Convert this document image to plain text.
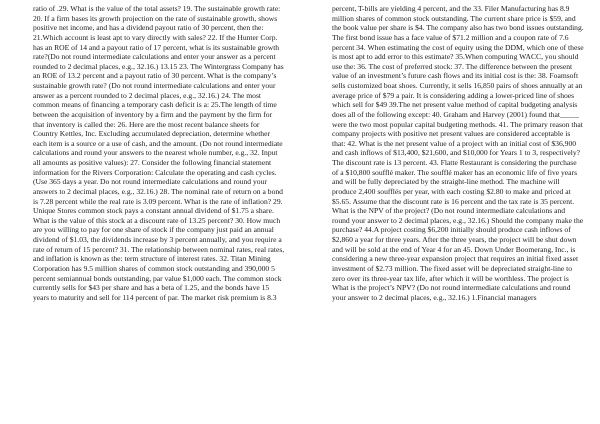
ratio of .29. What is the value of the total assets? 19. The sustainable growth rate: 20. If a firm bases its growth projection on the rate of sustainable growth, shows positive net income, and has a dividend payout ratio of 30 percent, then the: 21.Which account is least apt to vary directly with sales? 22. If the Hunter Corp. has an ROE of 14 and a payout ratio of 17 percent, what is its sustainable growth rate?(Do not round intermediate calculations and enter your answer as a percent rounded to 2 decimal places, e.g., 32.16.) 13.15 23. The Wintergrass Company has an ROE of 13.2 percent and a payout ratio of 30 percent. What is the company’s sustainable growth rate? (Do not round intermediate calculations and enter your answer as a percent rounded to 2 decimal places, e.g., 32.16.) 24. The most common means of financing a temporary cash deficit is a: 25.The length of time between the acquisition of inventory by a firm and the payment by the firm for that inventory is called the: 26. Here are the most recent balance sheets for Country Kettles, Inc. Excluding accumulated depreciation, determine whether each item is a source or a use of cash, and the amount. (Do not round intermediate calculations and round your answers to the nearest whole number, e.g., 32. Input all amounts as positive values): 27. Consider the following financial statement information for the Rivers Corporation: Calculate the operating and cash cycles. (Use 365 days a year. Do not round intermediate calculations and round your answers to 2 decimal places, e.g., 32.16.) 28. The nominal rate of return on a bond is 7.28 percent while the real rate is 3.09 percent. What is the rate of inflation? 29. Unique Stores common stock pays a constant annual dividend of $1.75 a share. What is the value of this stock at a discount rate of 13.25 percent? 30. How much are you willing to pay for one share of stock if the company just paid an annual dividend of $1.03, the dividends increase by 3 percent annually, and you require a rate of return of 15 percent? 31. The relationship between nominal rates, real rates, and inflation is known as the: term structure of interest rates. 32. Titan Mining Corporation has 9.5 million shares of common stock outstanding and 390,000 5 percent semiannual bonds outstanding, par value $1,000 each. The common stock currently sells for $43 per share and has a beta of 1.25, and the bonds have 15 years to maturity and sell for 114 percent of par. The market risk premium is 8.3
percent, T-bills are yielding 4 percent, and the 33. Filer Manufacturing has 8.9 million shares of common stock outstanding. The current share price is $59, and the book value per share is $4. The company also has two bond issues outstanding. The first bond issue has a face value of $71.2 million and a coupon rate of 7.6 percent 34. When estimating the cost of equity using the DDM, which one of these is most apt to add error to this estimate? 35.When computing WACC, you should use the: 36. The cost of preferred stock: 37. The difference between the present value of an investment’s future cash flows and its initial cost is the: 38. Foamsoft sells customized boat shoes. Currently, it sells 16,850 pairs of shoes annually at an average price of $79 a pair. It is considering adding a lower-priced line of shoes which sell for $49 39.The net present value method of capital budgeting analysis does all of the following except: 40. Graham and Harvey (2001) found that_____ were the two most popular capital budgeting methods. 41. The primary reason that company projects with positive net present values are considered acceptable is that: 42. What is the net present value of a project with an initial cost of $36,900 and cash inflows of $13,400, $21,600, and $10,000 for Years 1 to 3, respectively? The discount rate is 13 percent. 43. Flatte Restaurant is considering the purchase of a $10,800 soufflé maker. The soufflé maker has an economic life of five years and will be fully depreciated by the straight-line method. The machine will produce 2,400 soufflés per year, with each costing $2.80 to make and priced at $5.65. Assume that the discount rate is 16 percent and the tax rate is 35 percent. What is the NPV of the project? (Do not round intermediate calculations and round your answer to 2 decimal places, e.g., 32.16.) Should the company make the purchase? 44.A project costing $6,200 initially should produce cash inflows of $2,860 a year for three years. After the three years, the project will be shut down and will be sold at the end of Year 4 for an 45. Down Under Boomerang, Inc., is considering a new three-year expansion project that requires an initial fixed asset investment of $2.73 million. The fixed asset will be depreciated straight-line to zero over its three-year tax life, after which it will be worthless. The project is What is the project’s NPV? (Do not round intermediate calculations and round your answer to 2 decimal places, e.g., 32.16.) 1.Financial managers
